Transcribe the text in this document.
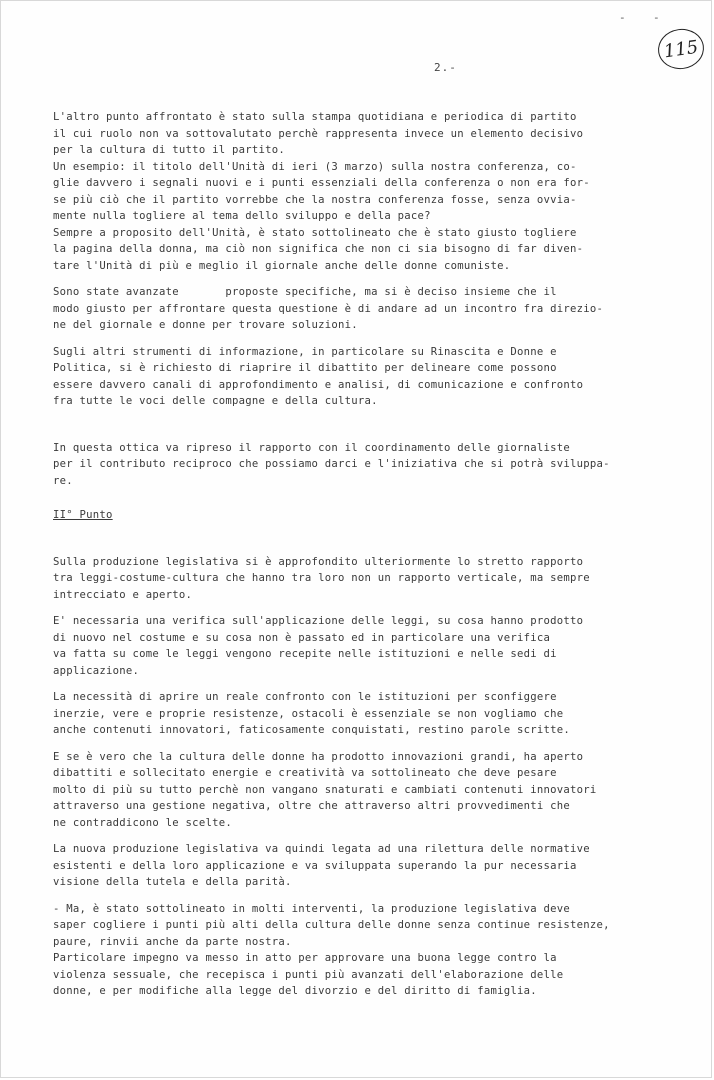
- -
115
2.-
L'altro punto affrontato è stato sulla stampa quotidiana e periodica di partito
il cui ruolo non va sottovalutato perchè rappresenta invece un elemento decisivo
per la cultura di tutto il partito.
Un esempio: il titolo dell'Unità di ieri (3 marzo) sulla nostra conferenza, co-
glie davvero i segnali nuovi e i punti essenziali della conferenza o non era for-
se più ciò che il partito vorrebbe che la nostra conferenza fosse, senza ovvia-
mente nulla togliere al tema dello sviluppo e della pace?
Sempre a proposito dell'Unità, è stato sottolineato che è stato giusto togliere
la pagina della donna, ma ciò non significa che non ci sia bisogno di far diven-
tare l'Unità di più e meglio il giornale anche delle donne comuniste.
Sono state avanzate       proposte specifiche, ma si è deciso insieme che il
modo giusto per affrontare questa questione è di andare ad un incontro fra direzio-
ne del giornale e donne per trovare soluzioni.
Sugli altri strumenti di informazione, in particolare su Rinascita e Donne e
Politica, si è richiesto di riaprire il dibattito per delineare come possono
essere davvero canali di approfondimento e analisi, di comunicazione e confronto
fra tutte le voci delle compagne e della cultura.
In questa ottica va ripreso il rapporto con il coordinamento delle giornaliste
per il contributo reciproco che possiamo darci e l'iniziativa che si potrà sviluppa-
re.
II° Punto
Sulla produzione legislativa si è approfondito ulteriormente lo stretto rapporto
tra leggi-costume-cultura che hanno tra loro non un rapporto verticale, ma sempre
intrecciato e aperto.
E' necessaria una verifica sull'applicazione delle leggi, su cosa hanno prodotto
di nuovo nel costume e su cosa non è passato ed in particolare una verifica
va fatta su come le leggi vengono recepite nelle istituzioni e nelle sedi di
applicazione.
La necessità di aprire un reale confronto con le istituzioni per sconfiggere
inerzie, vere e proprie resistenze, ostacoli è essenziale se non vogliamo che
anche contenuti innovatori, faticosamente conquistati, restino parole scritte.
E se è vero che la cultura delle donne ha prodotto innovazioni grandi, ha aperto
dibattiti e sollecitato energie e creatività va sottolineato che deve pesare
molto di più su tutto perchè non vangano snaturati e cambiati contenuti innovatori
attraverso una gestione negativa, oltre che attraverso altri provvedimenti che
ne contraddicono le scelte.
La nuova produzione legislativa va quindi legata ad una rilettura delle normative
esistenti e della loro applicazione e va sviluppata superando la pur necessaria
visione della tutela e della parità.
- Ma, è stato sottolineato in molti interventi, la produzione legislativa deve
saper cogliere i punti più alti della cultura delle donne senza continue resistenze,
paure, rinvii anche da parte nostra.
Particolare impegno va messo in atto per approvare una buona legge contro la
violenza sessuale, che recepisca i punti più avanzati dell'elaborazione delle
donne, e per modifiche alla legge del divorzio e del diritto di famiglia.
